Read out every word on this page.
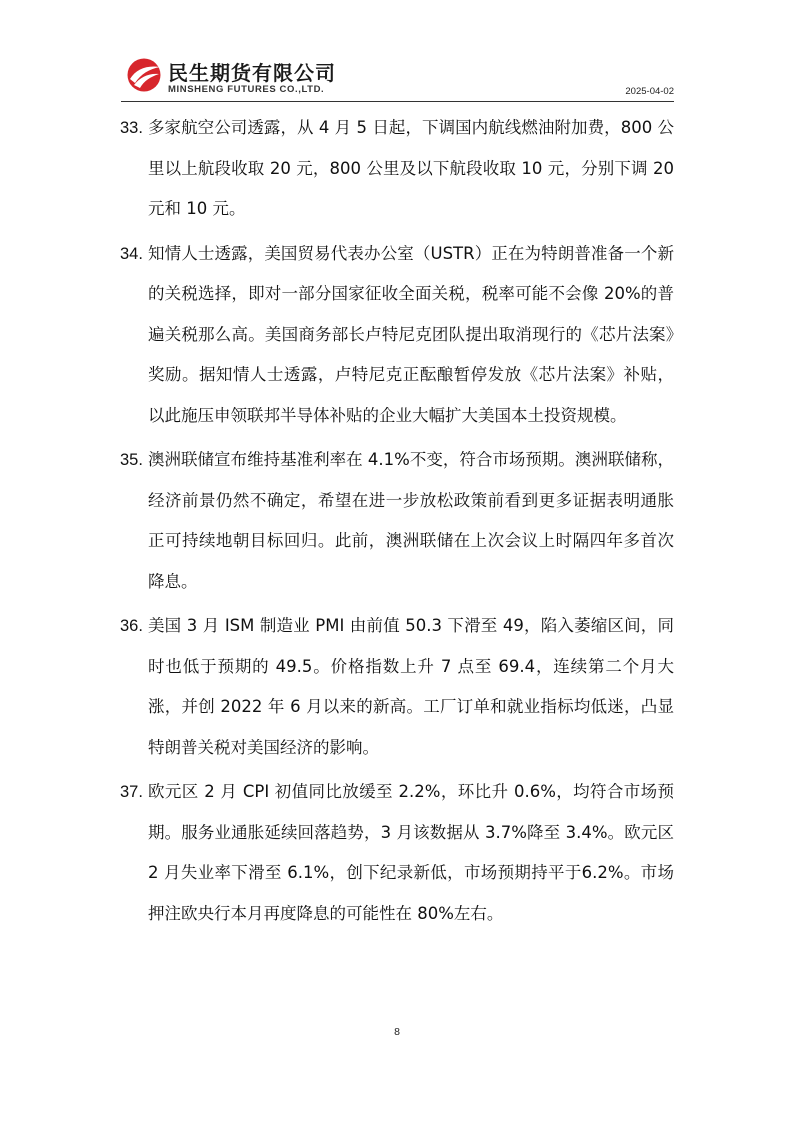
民生期货有限公司
MINSHENG FUTURES CO.,LTD.	2025-04-02
33. 多家航空公司透露，从 4 月 5 日起，下调国内航线燃油附加费，800 公里以上航段收取 20 元，800 公里及以下航段收取 10 元，分别下调 20 元和 10 元。
34. 知情人士透露，美国贸易代表办公室（USTR）正在为特朗普准备一个新的关税选择，即对一部分国家征收全面关税，税率可能不会像 20%的普遍关税那么高。美国商务部长卢特尼克团队提出取消现行的《芯片法案》奖励。据知情人士透露，卢特尼克正酝酿暂停发放《芯片法案》补贴，以此施压申领联邦半导体补贴的企业大幅扩大美国本土投资规模。
35. 澳洲联储宣布维持基准利率在 4.1%不变，符合市场预期。澳洲联储称，经济前景仍然不确定，希望在进一步放松政策前看到更多证据表明通胀正可持续地朝目标回归。此前，澳洲联储在上次会议上时隔四年多首次降息。
36. 美国 3 月 ISM 制造业 PMI 由前值 50.3 下滑至 49，陷入萎缩区间，同时也低于预期的 49.5。价格指数上升 7 点至 69.4，连续第二个月大涨，并创 2022 年 6 月以来的新高。工厂订单和就业指标均低迷，凸显特朗普关税对美国经济的影响。
37. 欧元区 2 月 CPI 初值同比放缓至 2.2%，环比升 0.6%，均符合市场预期。服务业通胀延续回落趋势，3 月该数据从 3.7%降至 3.4%。欧元区 2 月失业率下滑至 6.1%，创下纪录新低，市场预期持平于6.2%。市场押注欧央行本月再度降息的可能性在 80%左右。
8
